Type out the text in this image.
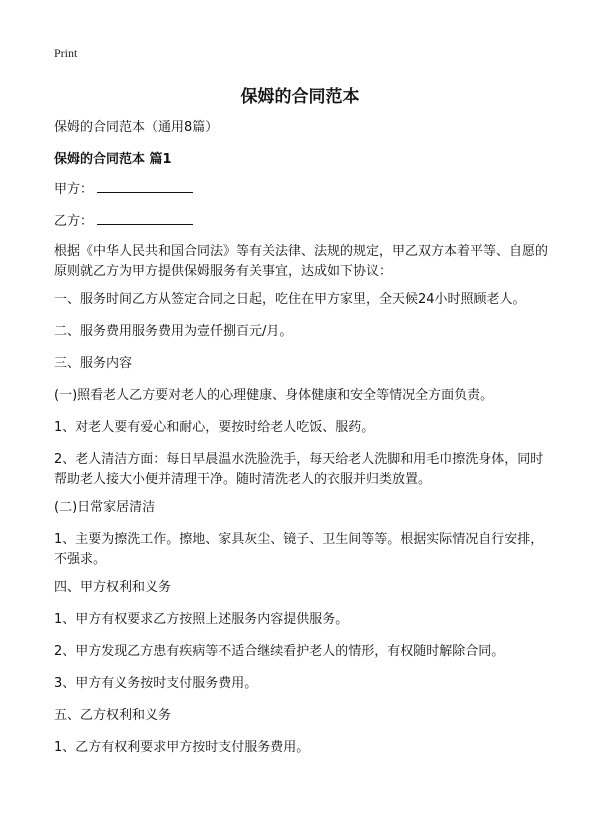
Print
保姆的合同范本

保姆的合同范本（通用8篇）

保姆的合同范本 篇1

甲方：

乙方：

根据《中华人民共和国合同法》等有关法律、法规的规定，甲乙双方本着平等、自愿的原则就乙方为甲方提供保姆服务有关事宜，达成如下协议：

一、服务时间乙方从签定合同之日起，吃住在甲方家里，全天候24小时照顾老人。

二、服务费用服务费用为壹仟捌百元/月。

三、服务内容

(一)照看老人乙方要对老人的心理健康、身体健康和安全等情况全方面负责。

1、对老人要有爱心和耐心，要按时给老人吃饭、服药。

2、老人清洁方面：每日早晨温水洗脸洗手，每天给老人洗脚和用毛巾擦洗身体，同时帮助老人接大小便并清理干净。随时清洗老人的衣服并归类放置。

(二)日常家居清洁

1、主要为擦洗工作。擦地、家具灰尘、镜子、卫生间等等。根据实际情况自行安排，不强求。

四、甲方权利和义务

1、甲方有权要求乙方按照上述服务内容提供服务。

2、甲方发现乙方患有疾病等不适合继续看护老人的情形，有权随时解除合同。

3、甲方有义务按时支付服务费用。

五、乙方权利和义务

1、乙方有权利要求甲方按时支付服务费用。
